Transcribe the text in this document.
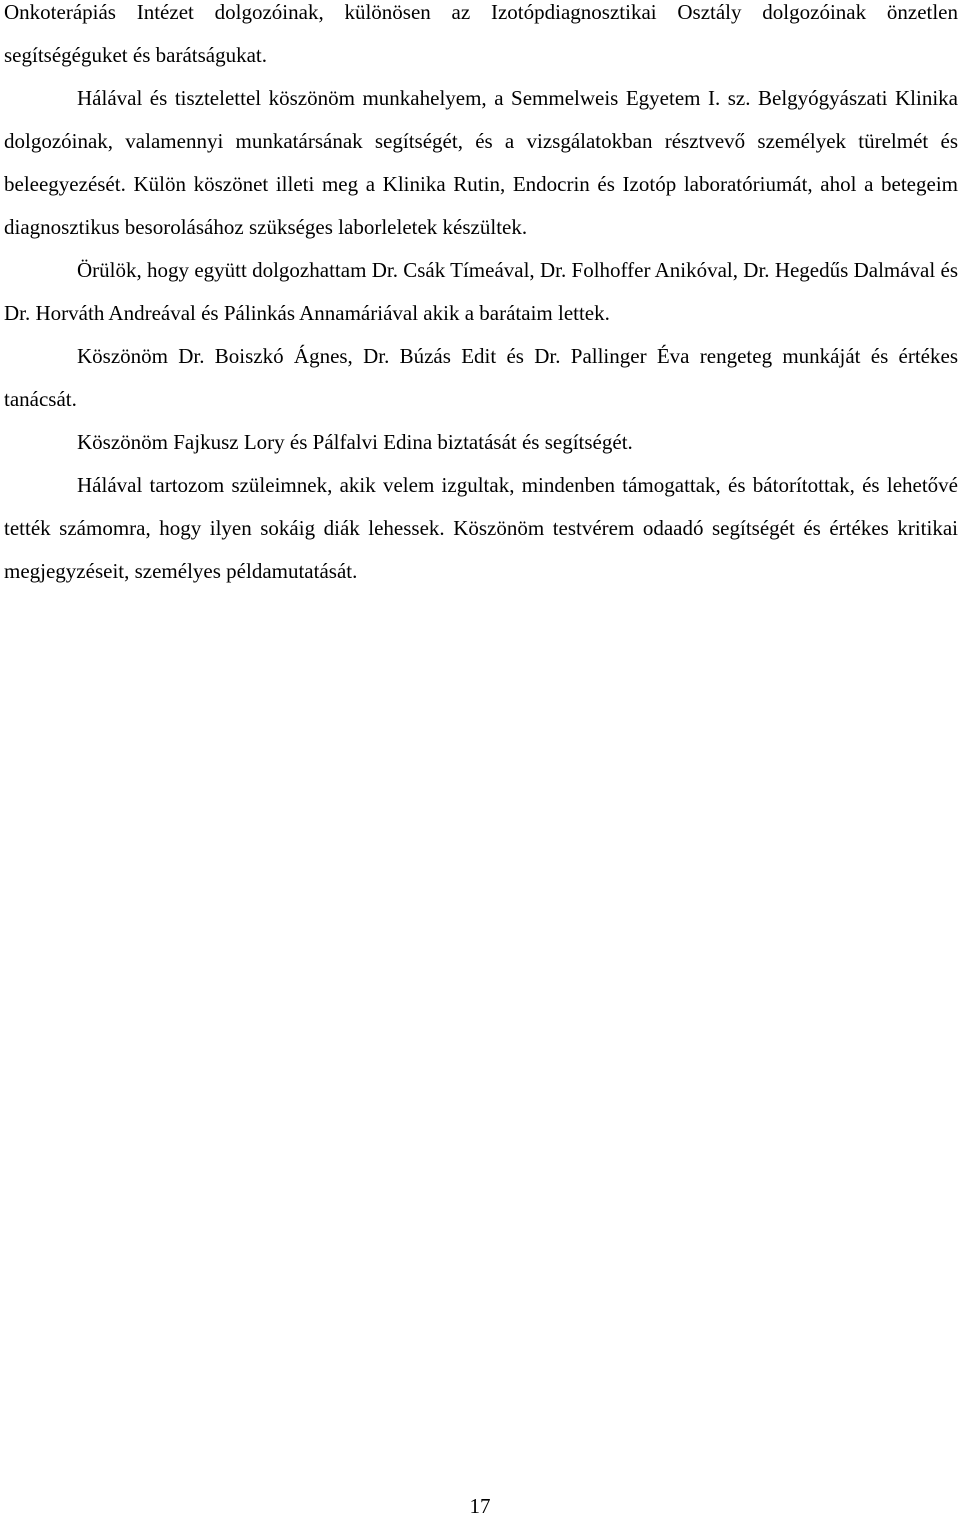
Onkoterápiás Intézet dolgozóinak, különösen az Izotópdiagnosztikai Osztály dolgozóinak önzetlen segítségéguket és barátságukat.

Hálával és tisztelettel köszönöm munkahelyem, a Semmelweis Egyetem I. sz. Belgyógyászati Klinika dolgozóinak, valamennyi munkatársának segítségét, és a vizsgálatokban résztvevő személyek türelmét és beleegyezését. Külön köszönet illeti meg a Klinika Rutin, Endocrin és Izotóp laboratóriumát, ahol a betegeim diagnosztikus besorolásához szükséges laborleletek készültek.

Örülök, hogy együtt dolgozhattam Dr. Csák Tímeával, Dr. Folhoffer Anikóval, Dr. Hegedűs Dalmával és Dr. Horváth Andreával és Pálinkás Annamáriával akik a barátaim lettek.

Köszönöm Dr. Boiszkó Ágnes, Dr. Búzás Edit és Dr. Pallinger Éva rengeteg munkáját és értékes tanácsát.

Köszönöm Fajkusz Lory és Pálfalvi Edina biztatását és segítségét.

Hálával tartozom szüleimnek, akik velem izgultak, mindenben támogattak, és bátorítottak, és lehetővé tették számomra, hogy ilyen sokáig diák lehessek. Köszönöm testvérem odaadó segítségét és értékes kritikai megjegyzéseit, személyes példamutatását.

17
